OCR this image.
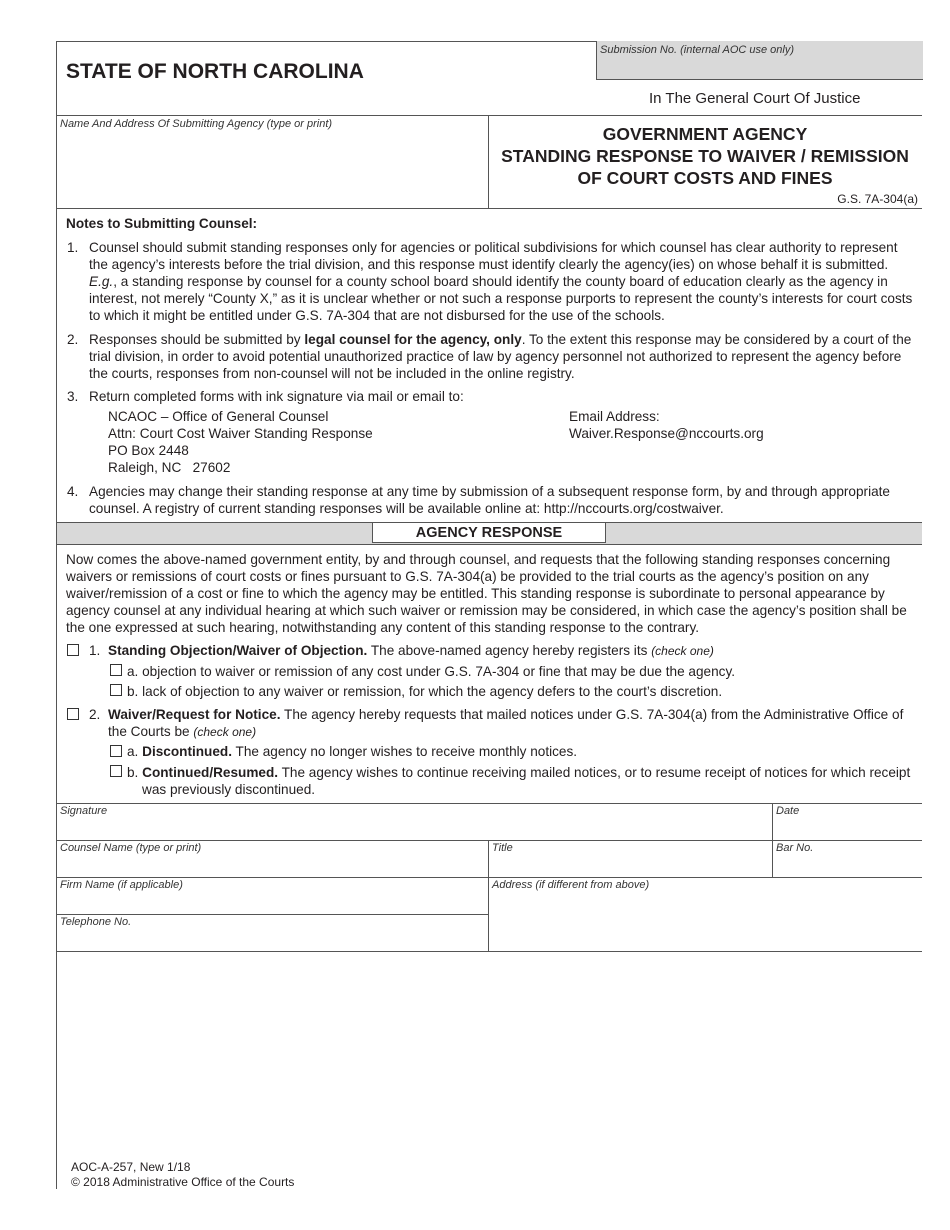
STATE OF NORTH CAROLINA
Submission No. (internal AOC use only)
In The General Court Of Justice
Name And Address Of Submitting Agency (type or print)	GOVERNMENT AGENCY
STANDING RESPONSE TO WAIVER / REMISSION
OF COURT COSTS AND FINES
G.S. 7A-304(a)
Notes to Submitting Counsel:
1. Counsel should submit standing responses only for agencies or political subdivisions for which counsel has clear authority to represent the agency’s interests before the trial division, and this response must identify clearly the agency(ies) on whose behalf it is submitted. E.g., a standing response by counsel for a county school board should identify the county board of education clearly as the agency in interest, not merely “County X,” as it is unclear whether or not such a response purports to represent the county’s interests for court costs to which it might be entitled under G.S. 7A-304 that are not disbursed for the use of the schools.
2. Responses should be submitted by legal counsel for the agency, only. To the extent this response may be considered by a court of the trial division, in order to avoid potential unauthorized practice of law by agency personnel not authorized to represent the agency before the courts, responses from non-counsel will not be included in the online registry.
3. Return completed forms with ink signature via mail or email to:
NCAOC – Office of General Counsel
Attn: Court Cost Waiver Standing Response
PO Box 2448
Raleigh, NC   27602
Email Address:
Waiver.Response@nccourts.org
4. Agencies may change their standing response at any time by submission of a subsequent response form, by and through appropriate counsel. A registry of current standing responses will be available online at: http://nccourts.org/costwaiver.
AGENCY RESPONSE
Now comes the above-named government entity, by and through counsel, and requests that the following standing responses concerning waivers or remissions of court costs or fines pursuant to G.S. 7A-304(a) be provided to the trial courts as the agency’s position on any waiver/remission of a cost or fine to which the agency may be entitled. This standing response is subordinate to personal appearance by agency counsel at any individual hearing at which such waiver or remission may be considered, in which case the agency’s position shall be the one expressed at such hearing, notwithstanding any content of this standing response to the contrary.
1. Standing Objection/Waiver of Objection. The above-named agency hereby registers its (check one)
a. objection to waiver or remission of any cost under G.S. 7A-304 or fine that may be due the agency.
b. lack of objection to any waiver or remission, for which the agency defers to the court’s discretion.
2. Waiver/Request for Notice. The agency hereby requests that mailed notices under G.S. 7A-304(a) from the Administrative Office of the Courts be (check one)
a. Discontinued. The agency no longer wishes to receive monthly notices.
b. Continued/Resumed. The agency wishes to continue receiving mailed notices, or to resume receipt of notices for which receipt was previously discontinued.
Signature	Date
Counsel Name (type or print)	Title	Bar No.
Firm Name (if applicable)	Address (if different from above)
Telephone No.
AOC-A-257, New 1/18
© 2018 Administrative Office of the Courts
